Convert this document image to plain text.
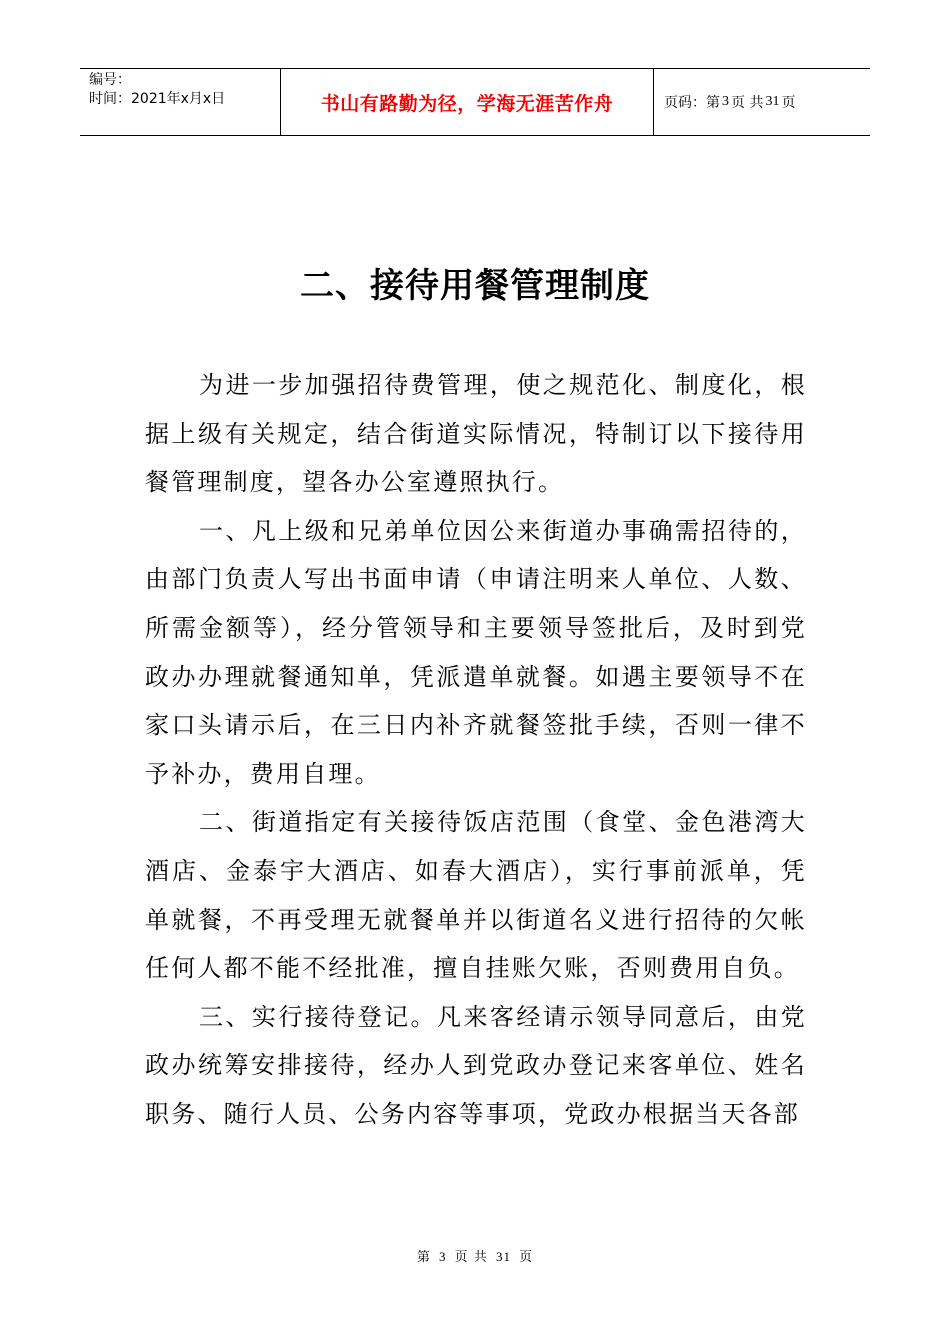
编号：
时间：2021年x月x日	书山有路勤为径，学海无涯苦作舟	页码：第 3 页 共 31 页
二、接待用餐管理制度

为进一步加强招待费管理，使之规范化、制度化，根
据上级有关规定，结合街道实际情况，特制订以下接待用
餐管理制度，望各办公室遵照执行。

一、凡上级和兄弟单位因公来街道办事确需招待的，
由部门负责人写出书面申请（申请注明来人单位、人数、
所需金额等），经分管领导和主要领导签批后，及时到党
政办办理就餐通知单，凭派遣单就餐。如遇主要领导不在
家口头请示后，在三日内补齐就餐签批手续，否则一律不
予补办，费用自理。

二、街道指定有关接待饭店范围（食堂、金色港湾大
酒店、金泰宇大酒店、如春大酒店），实行事前派单，凭
单就餐，不再受理无就餐单并以街道名义进行招待的欠帐
任何人都不能不经批准，擅自挂账欠账，否则费用自负。

三、实行接待登记。凡来客经请示领导同意后，由党
政办统筹安排接待，经办人到党政办登记来客单位、姓名
职务、随行人员、公务内容等事项，党政办根据当天各部

第 3 页 共 31 页
